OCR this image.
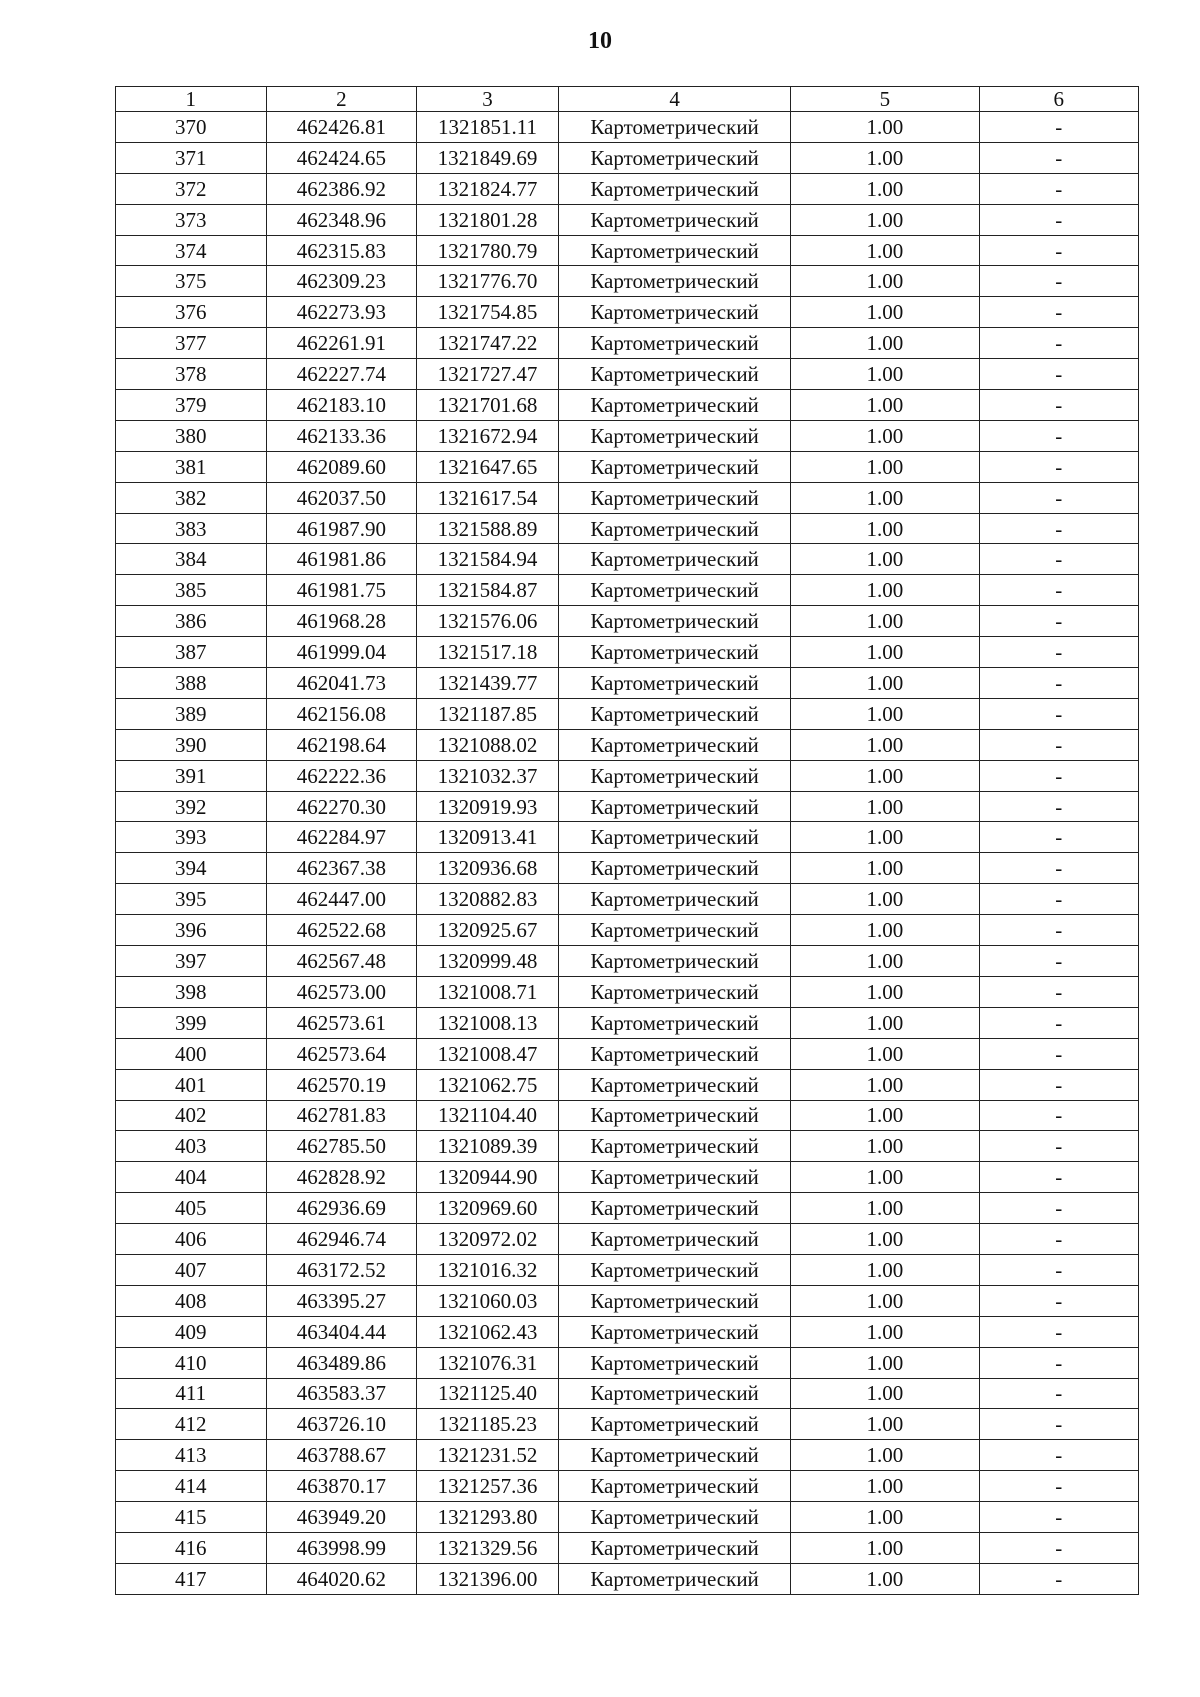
10
1	2	3	4	5	6
370	462426.81	1321851.11	Картометрический	1.00	-
371	462424.65	1321849.69	Картометрический	1.00	-
372	462386.92	1321824.77	Картометрический	1.00	-
373	462348.96	1321801.28	Картометрический	1.00	-
374	462315.83	1321780.79	Картометрический	1.00	-
375	462309.23	1321776.70	Картометрический	1.00	-
376	462273.93	1321754.85	Картометрический	1.00	-
377	462261.91	1321747.22	Картометрический	1.00	-
378	462227.74	1321727.47	Картометрический	1.00	-
379	462183.10	1321701.68	Картометрический	1.00	-
380	462133.36	1321672.94	Картометрический	1.00	-
381	462089.60	1321647.65	Картометрический	1.00	-
382	462037.50	1321617.54	Картометрический	1.00	-
383	461987.90	1321588.89	Картометрический	1.00	-
384	461981.86	1321584.94	Картометрический	1.00	-
385	461981.75	1321584.87	Картометрический	1.00	-
386	461968.28	1321576.06	Картометрический	1.00	-
387	461999.04	1321517.18	Картометрический	1.00	-
388	462041.73	1321439.77	Картометрический	1.00	-
389	462156.08	1321187.85	Картометрический	1.00	-
390	462198.64	1321088.02	Картометрический	1.00	-
391	462222.36	1321032.37	Картометрический	1.00	-
392	462270.30	1320919.93	Картометрический	1.00	-
393	462284.97	1320913.41	Картометрический	1.00	-
394	462367.38	1320936.68	Картометрический	1.00	-
395	462447.00	1320882.83	Картометрический	1.00	-
396	462522.68	1320925.67	Картометрический	1.00	-
397	462567.48	1320999.48	Картометрический	1.00	-
398	462573.00	1321008.71	Картометрический	1.00	-
399	462573.61	1321008.13	Картометрический	1.00	-
400	462573.64	1321008.47	Картометрический	1.00	-
401	462570.19	1321062.75	Картометрический	1.00	-
402	462781.83	1321104.40	Картометрический	1.00	-
403	462785.50	1321089.39	Картометрический	1.00	-
404	462828.92	1320944.90	Картометрический	1.00	-
405	462936.69	1320969.60	Картометрический	1.00	-
406	462946.74	1320972.02	Картометрический	1.00	-
407	463172.52	1321016.32	Картометрический	1.00	-
408	463395.27	1321060.03	Картометрический	1.00	-
409	463404.44	1321062.43	Картометрический	1.00	-
410	463489.86	1321076.31	Картометрический	1.00	-
411	463583.37	1321125.40	Картометрический	1.00	-
412	463726.10	1321185.23	Картометрический	1.00	-
413	463788.67	1321231.52	Картометрический	1.00	-
414	463870.17	1321257.36	Картометрический	1.00	-
415	463949.20	1321293.80	Картометрический	1.00	-
416	463998.99	1321329.56	Картометрический	1.00	-
417	464020.62	1321396.00	Картометрический	1.00	-
